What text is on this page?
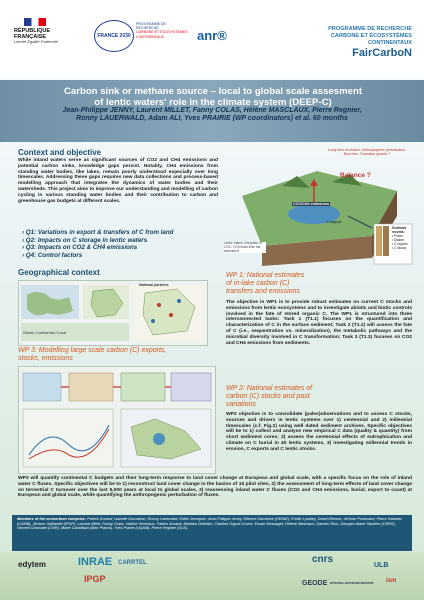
RÉPUBLIQUE
FRANÇAISE
Liberté Égalité Fraternité
FRANCE 2030
PROGRAMME DE RECHERCHE
CARBONE ET ÉCOSYSTÈMES CONTINENTAUX	anr®	PROGRAMME DE RECHERCHE
CARBONE ET ÉCOSYSTÈMES CONTINENTAUX
FairCarboN
Carbon sink or methane source – local to global scale assesment
of lentic waters' role in the climate system (DEEP-C)
Jean-Philippe JENNY, Laurent MILLET, Fanny COLAS, Hélène MASCLAUX, Pierre Regnier,
Ronny LAUERWALD, Adam ALI, Yves PRAIRIE (WP coordinators) et al. 60 months
Context and objective
While inland waters serve as significant sources of CO2 and CH4 emissions and potential carbon sinks, knowledge gaps persist. Notably, CH4 emissions from standing water bodies, like lakes, remain poorly understood especially over long timescales. Addressing these gaps requires new data collections and process-based modelling approach that integrates the dynamics of water bodies and their watersheds. This project aims to improve our understanding and modelling of carbon cycling in various standing water bodies and their contribution to carbon and greenhouse gas budgets at different scales.
› Q1: Variations in export & transfers of C from land
› Q2: Impacts on C storage in lentic waters
› Q3: Impacts on CO2 & CH4 emissions
› Q4: Control factors
Long term evolution, Anthropogenic perturbation, Benches, Transition quanta ?
Balance ?
CO2/CH4 emissions
C export
Lentic waters: Integrator of CO2 / CH4 flows from the watershed
Sediment records:
• Pollen
• Diatom
• C exports
• C stocks
Geographical context
National partners
Global / Continental / Local
WP 1: National estimates
of in-lake carbon (C)
transfers and emissions
The objective in WP1 is to provide robust estimates on current C stocks and emissions from lentic ecosystems and to investigate abiotic and biotic controls involved in the fate of stored organic C. The WP1 is structured into three interconnected tasks: Task 1 (T1.1) focuses on the quantification and characterization of C in the surface sediment; Task 2 (T1.2) will assess the fate of C (i.e., sequestration vs. mineralization), the metabolic pathways and the microbial diversity involved in C transformation; Task 3 (T1.3) focuses on CO2 and CH4 emissions from sediments.
WP 3: Modelling large scale carbon (C) exports,
stocks, emissions
WP 2: National estimates of
carbon (C) stocks and past
variations
WP2 objective is to consolidate (paleo)observations and to assess C stocks, sources and drivers in lentic systems over 1) centennial and 2) millennial timescales (c.f. Fig.2) using well dated sediment archives. Specific objectives will be to 1) collect and analyse new empirical C data (quality & quantity) from short sediment cores; 2) assess the centennial effects of eutrophication and climate on C burial in 40 lentic systems, 3) investigating millennial trends in erosion, C exports and C lentic stocks.
WP3 will quantify continental C budgets and their long-term response to land cover change at European and global scale, with a specific focus on the role of inland water C fluxes. Specific objectives will be to 1) reconstruct land cover change in the basins of 15 pilot sites, 2) the assessment of long-term effects of land cover change on terrestrial C turnover over the last 5,000 years at local to global scales, 3) reassessing inland water C fluxes (CO2 and CH4 emissions, burial, export to coast) at European and global scale, while quantifying the anthropogenic perturbation of fluxes.
Members of the consortium comprise: Patrick Durand, Isabelle Domaizon, Ronny Lauerwald, Didier Jezequel, Jean-Philippe Jenny, Etienne Dambrine (INRAE), Emilie Lyautey, David Etienne, Jérôme Poulenard, Pierre Sabatier (USMB), Jérôme Gaillardet (IPGP), Laurent Millet, Fanny Colas, Valérie Verneaux, Fabien Arnaud, Mathieu Debeljer, Charline Giguet-Covex, Erwan Messager, Hélène Masclaux, Damien Rius, Georges-Marie Saulnier (CNRS), Vincent Chanudet (CNR), Marie Canaffault (Max Planck), Yves Prairie (UQAM), Pierre Regnier (ULB).
edytem	INRAE CARRTEL
IPGP
cnrs
GEODE chrono-environnement
ULB
ism
